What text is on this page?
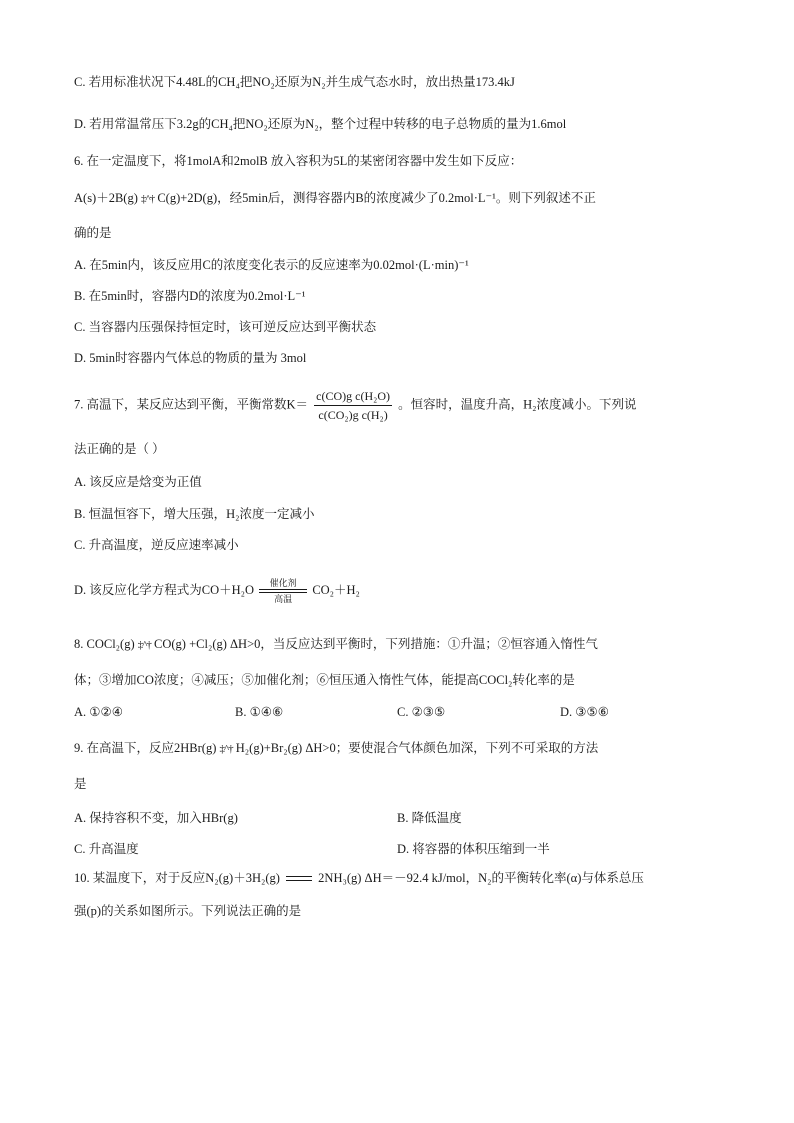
C. 若用标准状况下4.48L的CH₄把NO₂还原为N₂并生成气态水时，放出热量173.4kJ
D. 若用常温常压下3.2g的CH₄把NO₂还原为N₂，整个过程中转移的电子总物质的量为1.6mol
6. 在一定温度下，将1molA和2molB 放入容积为5L的某密闭容器中发生如下反应：
A(s)＋2B(g) ‡^† C(g)+2D(g)，经5min后，测得容器内B的浓度减少了0.2mol·L⁻¹。则下列叙述不正
确的是
A. 在5min内，该反应用C的浓度变化表示的反应速率为0.02mol·(L·min)⁻¹
B. 在5min时，容器内D的浓度为0.2mol·L⁻¹
C. 当容器内压强保持恒定时，该可逆反应达到平衡状态
D. 5min时容器内气体总的物质的量为 3mol
7. 高温下，某反应达到平衡，平衡常数$K= \frac{\text{c(CO)g c(H₂O)}}{\text{c(CO₂)g c(H₂)}}$ 。恒容时，温度升高，H₂浓度减小。下列说
法正确的是（ ）
A. 该反应是焓变为正值
B. 恒温恒容下，增大压强，H₂浓度一定减小
C. 升高温度，逆反应速率减小
D. 该反应化学方程式为CO＋H₂O	催化剂
高温
CO₂＋H₂
8. COCl₂(g) ‡^† CO(g) +Cl₂(g) ΔH>0，当反应达到平衡时，下列措施：①升温；②恒容通入惰性气
体；③增加CO浓度；④减压；⑤加催化剂；⑥恒压通入惰性气体，能提高COCl₂转化率的是
A. ①②④	B. ①④⑥	C. ②③⑤	D. ③⑤⑥
9. 在高温下，反应2HBr(g) ‡^† H₂(g)+Br₂(g) ΔH>0；要使混合气体颜色加深，下列不可采取的方法
是
A. 保持容积不变，加入HBr(g)	B. 降低温度
C. 升高温度	D. 将容器的体积压缩到一半
10. 某温度下，对于反应N₂(g)＋3H₂(g)	2NH₃(g) ΔH＝－92.4 kJ/mol，N₂的平衡转化率(α)与体系总压
强(p)的关系如图所示。下列说法正确的是
